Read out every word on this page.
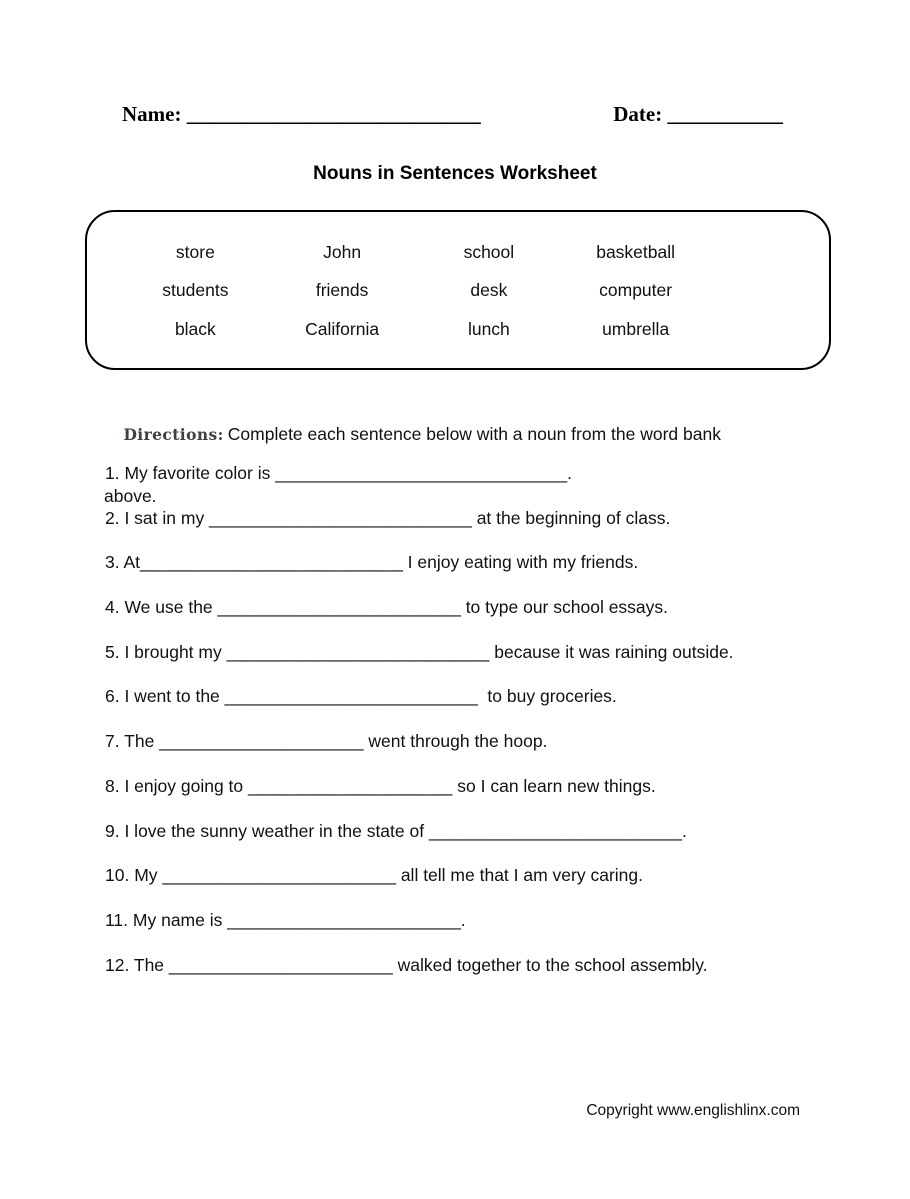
Name: ____________________________	Date: ___________
Nouns in Sentences Worksheet
store	John	school	basketball
students	friends	desk	computer
black	California	lunch	umbrella

Directions: Complete each sentence below with a noun from the word bank

above.

1. My favorite color is ______________________________.
2. I sat in my ___________________________ at the beginning of class.
3. At___________________________ I enjoy eating with my friends.
4. We use the _________________________ to type our school essays.
5. I brought my ___________________________ because it was raining outside.
6. I went to the __________________________  to buy groceries.
7. The _____________________ went through the hoop.
8. I enjoy going to _____________________ so I can learn new things.
9. I love the sunny weather in the state of __________________________.
10. My ________________________ all tell me that I am very caring.
11. My name is ________________________.
12. The _______________________ walked together to the school assembly.
Copyright www.englishlinx.com
